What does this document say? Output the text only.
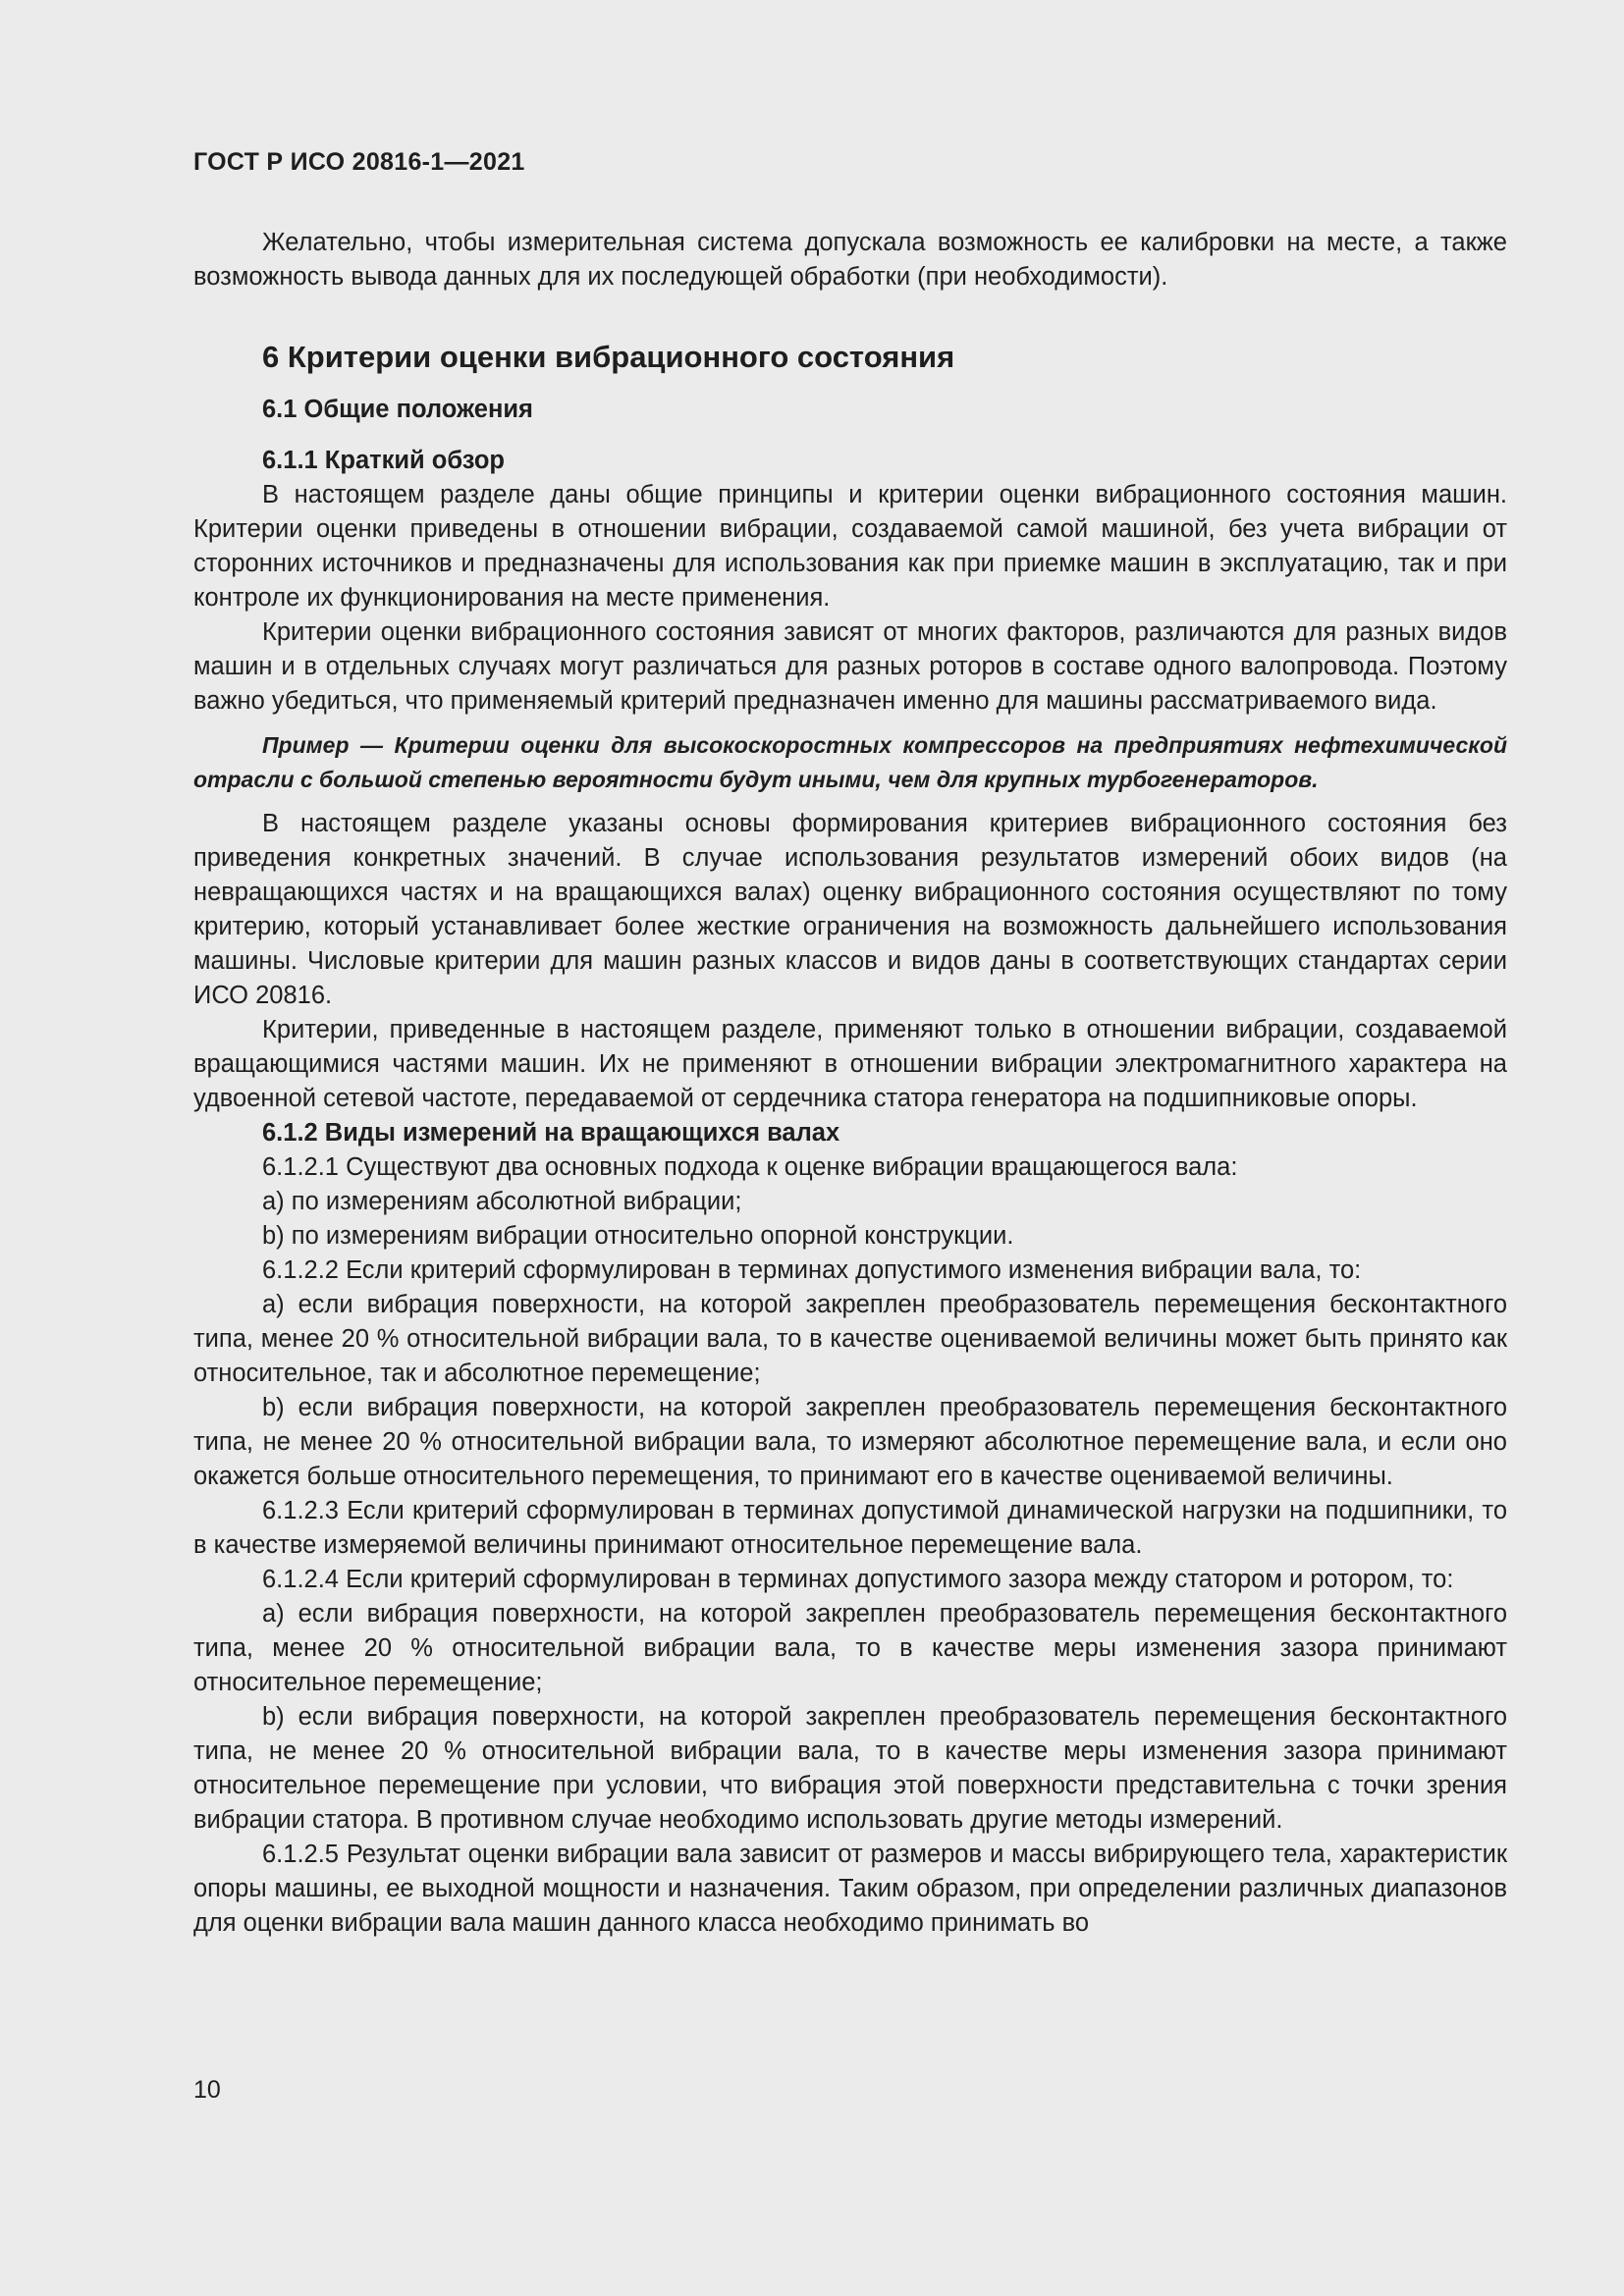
ГОСТ Р ИСО 20816-1—2021

Желательно, чтобы измерительная система допускала возможность ее калибровки на месте, а также возможность вывода данных для их последующей обработки (при необходимости).

6 Критерии оценки вибрационного состояния
6.1 Общие положения
6.1.1 Краткий обзор

В настоящем разделе даны общие принципы и критерии оценки вибрационного состояния машин. Критерии оценки приведены в отношении вибрации, создаваемой самой машиной, без учета вибрации от сторонних источников и предназначены для использования как при приемке машин в эксплуатацию, так и при контроле их функционирования на месте применения.

Критерии оценки вибрационного состояния зависят от многих факторов, различаются для разных видов машин и в отдельных случаях могут различаться для разных роторов в составе одного валопровода. Поэтому важно убедиться, что применяемый критерий предназначен именно для машины рассматриваемого вида.

Пример — Критерии оценки для высокоскоростных компрессоров на предприятиях нефтехимической отрасли с большой степенью вероятности будут иными, чем для крупных турбогенераторов.

В настоящем разделе указаны основы формирования критериев вибрационного состояния без приведения конкретных значений. В случае использования результатов измерений обоих видов (на невращающихся частях и на вращающихся валах) оценку вибрационного состояния осуществляют по тому критерию, который устанавливает более жесткие ограничения на возможность дальнейшего использования машины. Числовые критерии для машин разных классов и видов даны в соответствующих стандартах серии ИСО 20816.

Критерии, приведенные в настоящем разделе, применяют только в отношении вибрации, создаваемой вращающимися частями машин. Их не применяют в отношении вибрации электромагнитного характера на удвоенной сетевой частоте, передаваемой от сердечника статора генератора на подшипниковые опоры.

6.1.2 Виды измерений на вращающихся валах

6.1.2.1 Существуют два основных подхода к оценке вибрации вращающегося вала:

a) по измерениям абсолютной вибрации;

b) по измерениям вибрации относительно опорной конструкции.

6.1.2.2 Если критерий сформулирован в терминах допустимого изменения вибрации вала, то:

a) если вибрация поверхности, на которой закреплен преобразователь перемещения бесконтактного типа, менее 20 % относительной вибрации вала, то в качестве оцениваемой величины может быть принято как относительное, так и абсолютное перемещение;

b) если вибрация поверхности, на которой закреплен преобразователь перемещения бесконтактного типа, не менее 20 % относительной вибрации вала, то измеряют абсолютное перемещение вала, и если оно окажется больше относительного перемещения, то принимают его в качестве оцениваемой величины.

6.1.2.3 Если критерий сформулирован в терминах допустимой динамической нагрузки на подшипники, то в качестве измеряемой величины принимают относительное перемещение вала.

6.1.2.4 Если критерий сформулирован в терминах допустимого зазора между статором и ротором, то:

a) если вибрация поверхности, на которой закреплен преобразователь перемещения бесконтактного типа, менее 20 % относительной вибрации вала, то в качестве меры изменения зазора принимают относительное перемещение;

b) если вибрация поверхности, на которой закреплен преобразователь перемещения бесконтактного типа, не менее 20 % относительной вибрации вала, то в качестве меры изменения зазора принимают относительное перемещение при условии, что вибрация этой поверхности представительна с точки зрения вибрации статора. В противном случае необходимо использовать другие методы измерений.

6.1.2.5 Результат оценки вибрации вала зависит от размеров и массы вибрирующего тела, характеристик опоры машины, ее выходной мощности и назначения. Таким образом, при определении различных диапазонов для оценки вибрации вала машин данного класса необходимо принимать во

10
